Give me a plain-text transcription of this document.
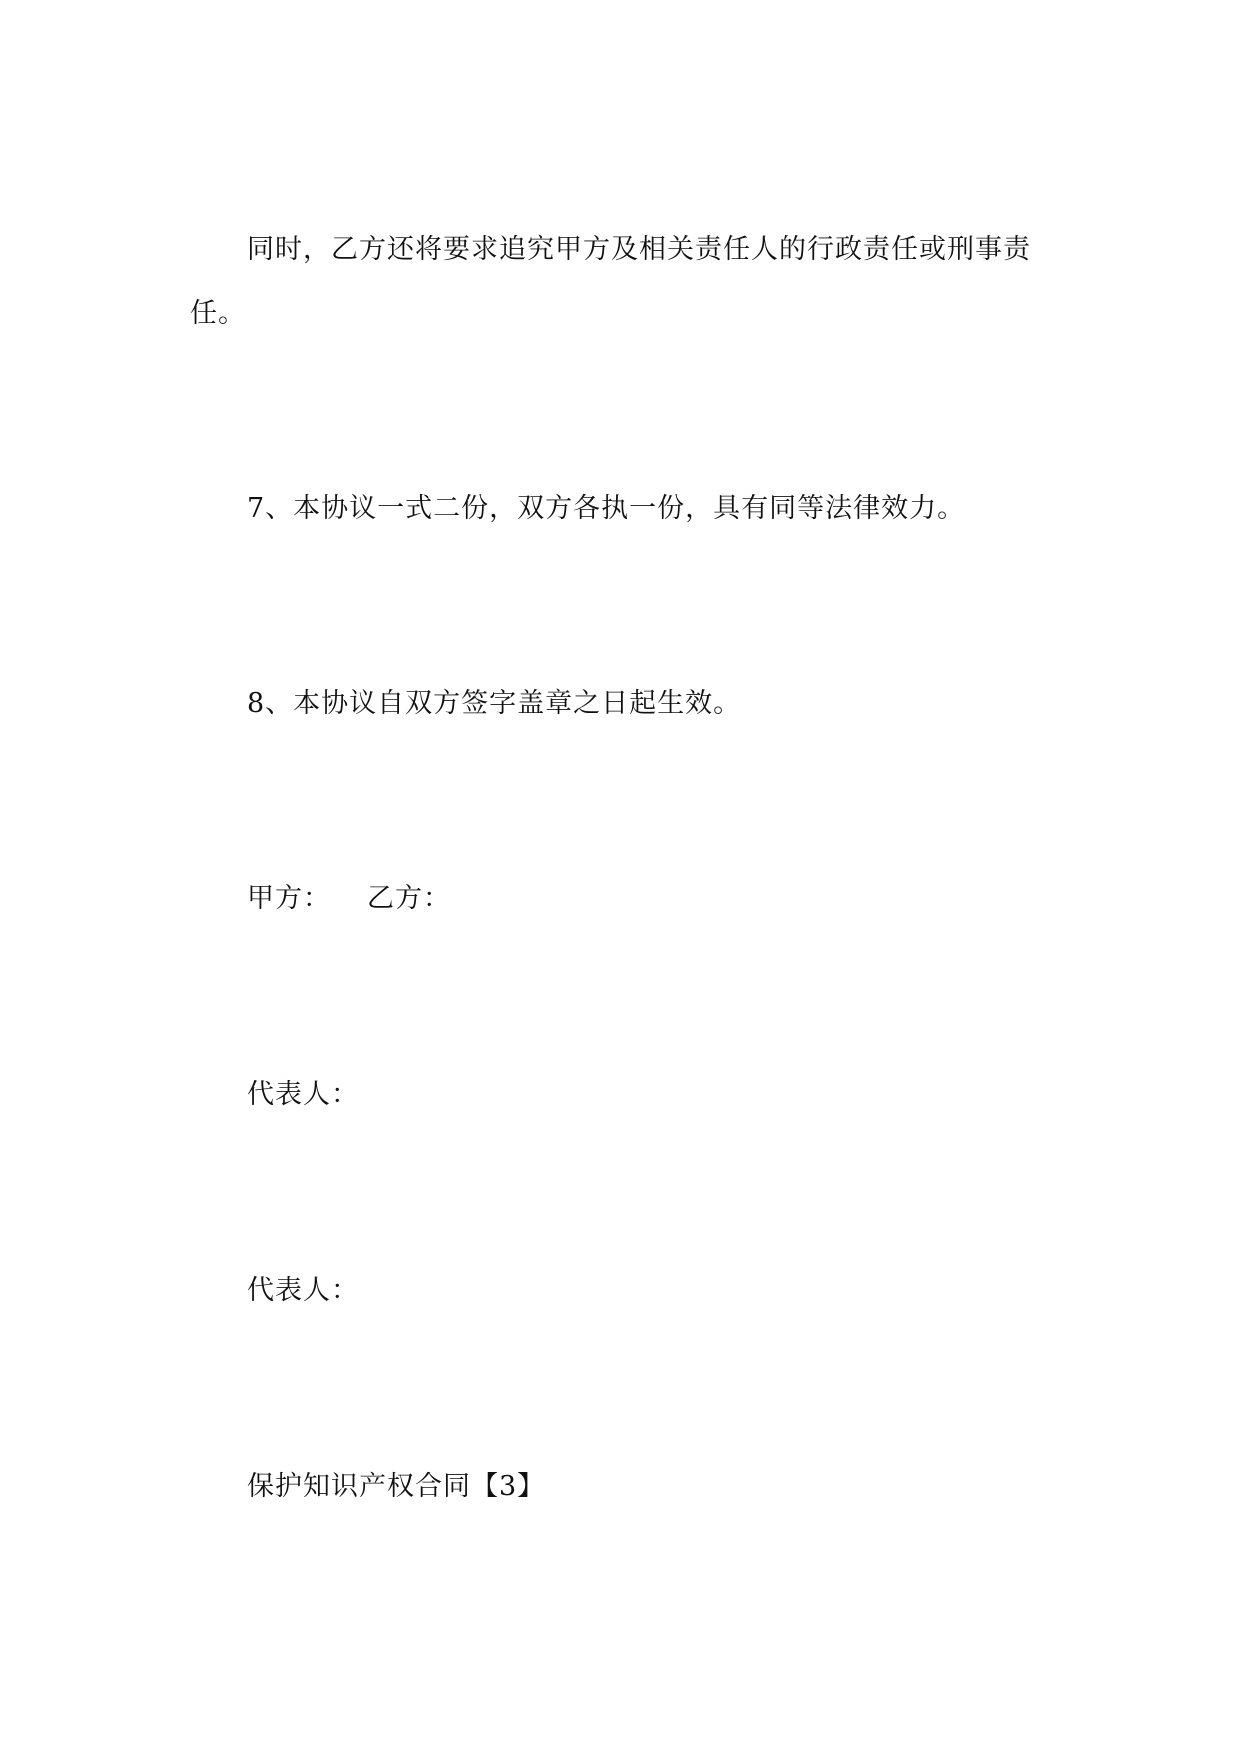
同时，乙方还将要求追究甲方及相关责任人的行政责任或刑事责
任。
7、本协议一式二份，双方各执一份，具有同等法律效力。
8、本协议自双方签字盖章之日起生效。
甲方： 乙方：
代表人：
代表人：
保护知识产权合同【3】
